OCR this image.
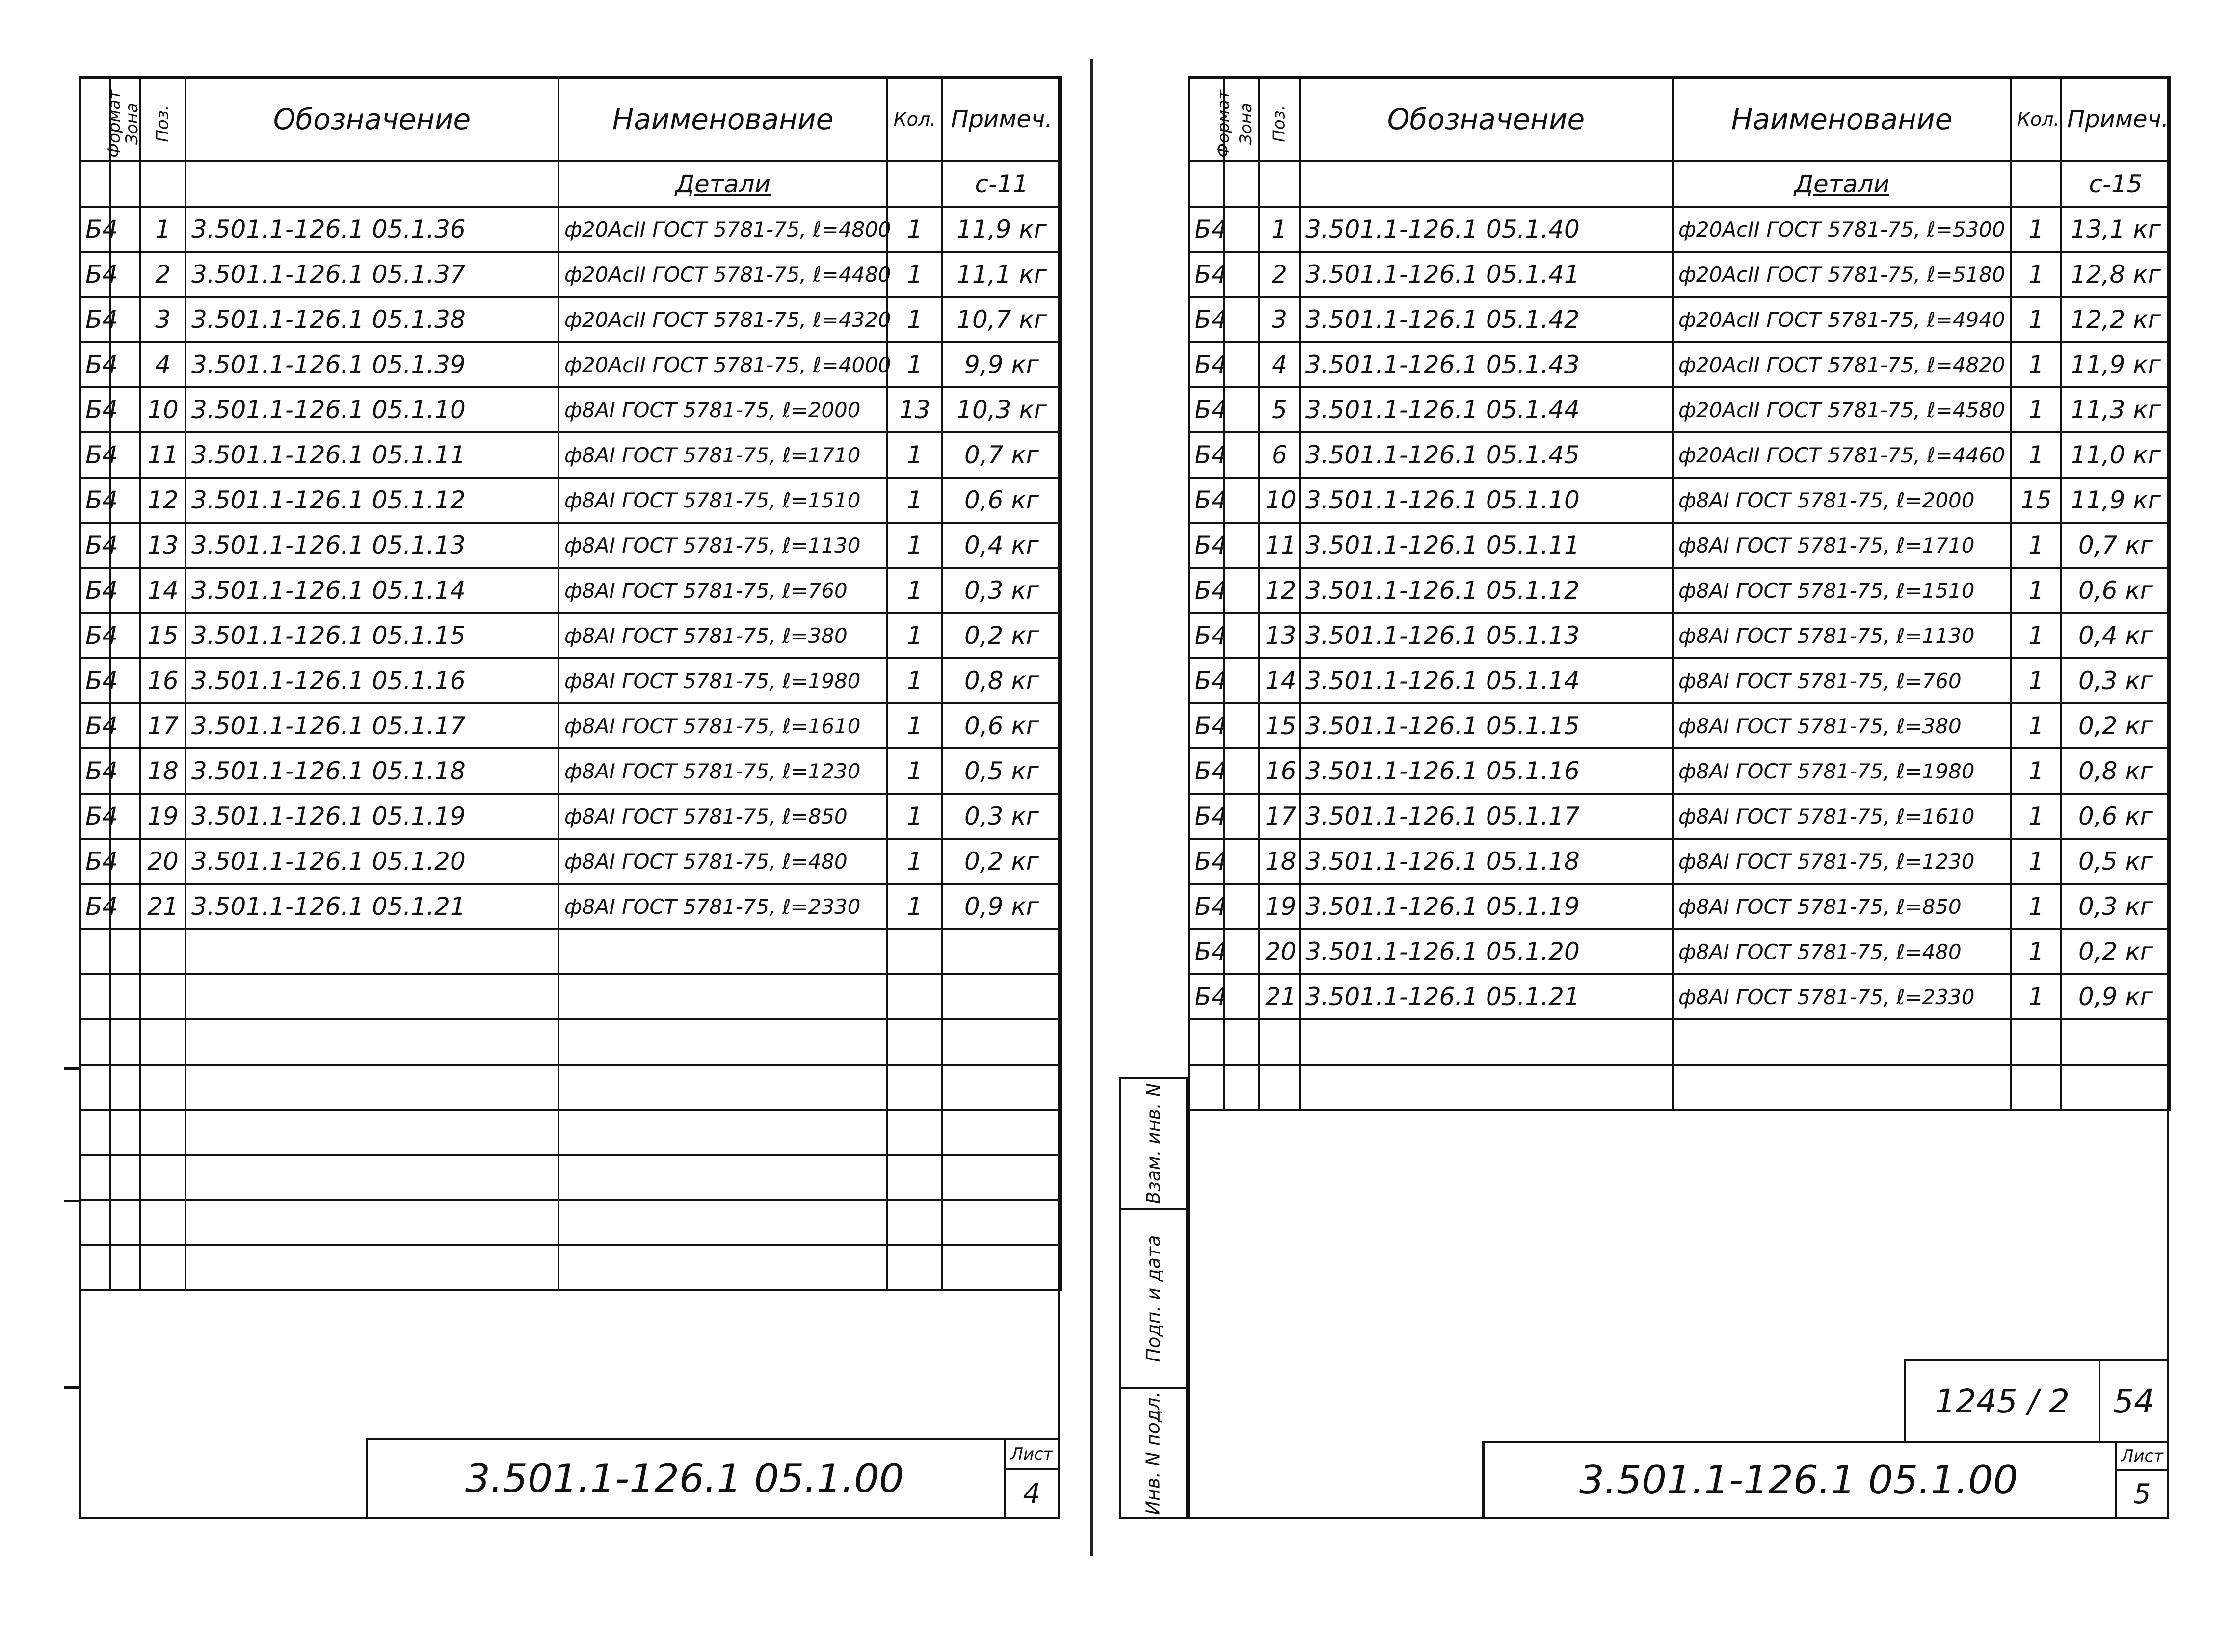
Формат	Зона	Поз.	Обозначение	Наименование	Кол.	Примеч.
				Детали		с-11
Б4		1	3.501.1-126.1 05.1.36	ф20АcII ГОСТ 5781-75, ℓ=4800	1	11,9 кг
Б4		2	3.501.1-126.1 05.1.37	ф20АcII ГОСТ 5781-75, ℓ=4480	1	11,1 кг
Б4		3	3.501.1-126.1 05.1.38	ф20АcII ГОСТ 5781-75, ℓ=4320	1	10,7 кг
Б4		4	3.501.1-126.1 05.1.39	ф20АcII ГОСТ 5781-75, ℓ=4000	1	9,9 кг
Б4		10	3.501.1-126.1 05.1.10	ф8АI ГОСТ 5781-75, ℓ=2000	13	10,3 кг
Б4		11	3.501.1-126.1 05.1.11	ф8АI ГОСТ 5781-75, ℓ=1710	1	0,7 кг
Б4		12	3.501.1-126.1 05.1.12	ф8АI ГОСТ 5781-75, ℓ=1510	1	0,6 кг
Б4		13	3.501.1-126.1 05.1.13	ф8АI ГОСТ 5781-75, ℓ=1130	1	0,4 кг
Б4		14	3.501.1-126.1 05.1.14	ф8АI ГОСТ 5781-75, ℓ=760	1	0,3 кг
Б4		15	3.501.1-126.1 05.1.15	ф8АI ГОСТ 5781-75, ℓ=380	1	0,2 кг
Б4		16	3.501.1-126.1 05.1.16	ф8АI ГОСТ 5781-75, ℓ=1980	1	0,8 кг
Б4		17	3.501.1-126.1 05.1.17	ф8АI ГОСТ 5781-75, ℓ=1610	1	0,6 кг
Б4		18	3.501.1-126.1 05.1.18	ф8АI ГОСТ 5781-75, ℓ=1230	1	0,5 кг
Б4		19	3.501.1-126.1 05.1.19	ф8АI ГОСТ 5781-75, ℓ=850	1	0,3 кг
Б4		20	3.501.1-126.1 05.1.20	ф8АI ГОСТ 5781-75, ℓ=480	1	0,2 кг
Б4		21	3.501.1-126.1 05.1.21	ф8АI ГОСТ 5781-75, ℓ=2330	1	0,9 кг

3.501.1-126.1 05.1.00
Лист
4
Формат	Зона	Поз.	Обозначение	Наименование	Кол.	Примеч.
				Детали		с-15
Б4		1	3.501.1-126.1 05.1.40	ф20АcII ГОСТ 5781-75, ℓ=5300	1	13,1 кг
Б4		2	3.501.1-126.1 05.1.41	ф20АcII ГОСТ 5781-75, ℓ=5180	1	12,8 кг
Б4		3	3.501.1-126.1 05.1.42	ф20АcII ГОСТ 5781-75, ℓ=4940	1	12,2 кг
Б4		4	3.501.1-126.1 05.1.43	ф20АcII ГОСТ 5781-75, ℓ=4820	1	11,9 кг
Б4		5	3.501.1-126.1 05.1.44	ф20АcII ГОСТ 5781-75, ℓ=4580	1	11,3 кг
Б4		6	3.501.1-126.1 05.1.45	ф20АcII ГОСТ 5781-75, ℓ=4460	1	11,0 кг
Б4		10	3.501.1-126.1 05.1.10	ф8АI ГОСТ 5781-75, ℓ=2000	15	11,9 кг
Б4		11	3.501.1-126.1 05.1.11	ф8АI ГОСТ 5781-75, ℓ=1710	1	0,7 кг
Б4		12	3.501.1-126.1 05.1.12	ф8АI ГОСТ 5781-75, ℓ=1510	1	0,6 кг
Б4		13	3.501.1-126.1 05.1.13	ф8АI ГОСТ 5781-75, ℓ=1130	1	0,4 кг
Б4		14	3.501.1-126.1 05.1.14	ф8АI ГОСТ 5781-75, ℓ=760	1	0,3 кг
Б4		15	3.501.1-126.1 05.1.15	ф8АI ГОСТ 5781-75, ℓ=380	1	0,2 кг
Б4		16	3.501.1-126.1 05.1.16	ф8АI ГОСТ 5781-75, ℓ=1980	1	0,8 кг
Б4		17	3.501.1-126.1 05.1.17	ф8АI ГОСТ 5781-75, ℓ=1610	1	0,6 кг
Б4		18	3.501.1-126.1 05.1.18	ф8АI ГОСТ 5781-75, ℓ=1230	1	0,5 кг
Б4		19	3.501.1-126.1 05.1.19	ф8АI ГОСТ 5781-75, ℓ=850	1	0,3 кг
Б4		20	3.501.1-126.1 05.1.20	ф8АI ГОСТ 5781-75, ℓ=480	1	0,2 кг
Б4		21	3.501.1-126.1 05.1.21	ф8АI ГОСТ 5781-75, ℓ=2330	1	0,9 кг

Взам. инв. N
Подп. и дата
Инв. N подл.	1245 / 2	54
3.501.1-126.1 05.1.00
Лист
5
